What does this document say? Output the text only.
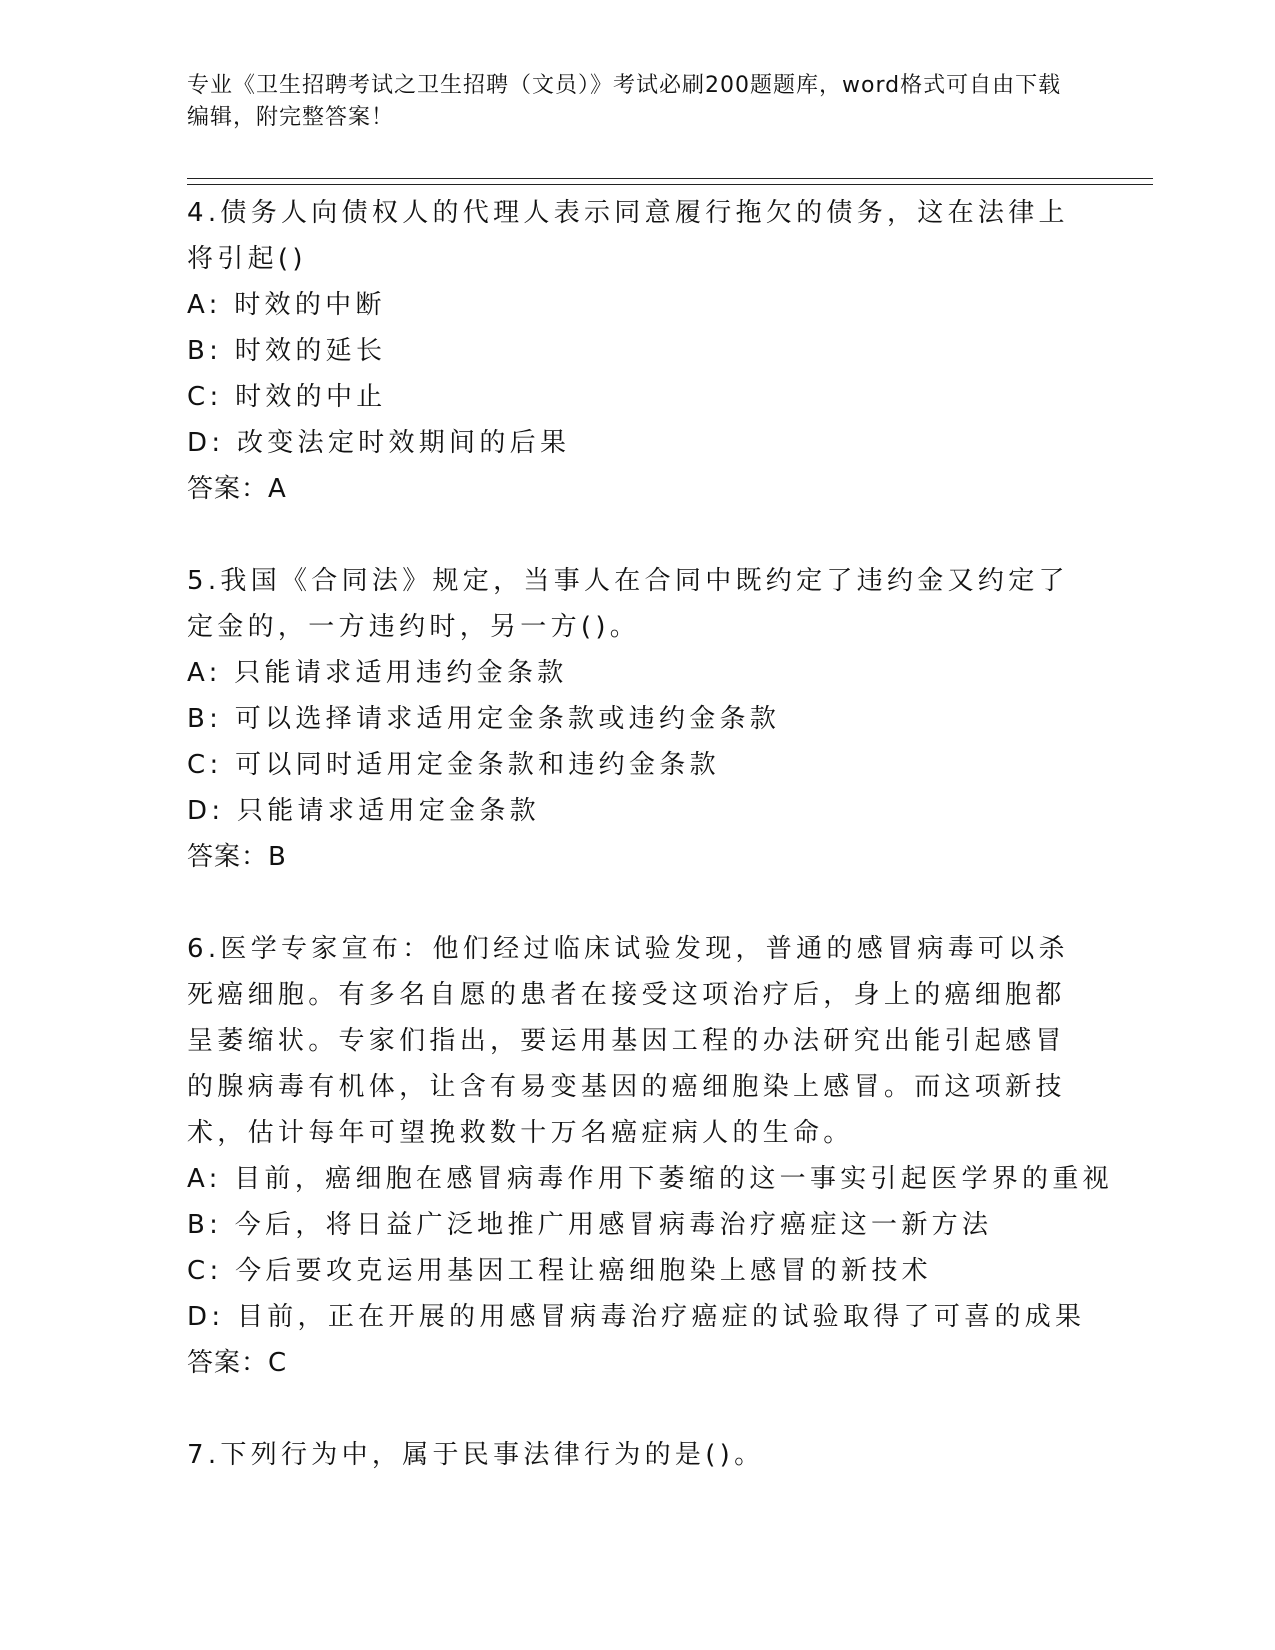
专业《卫生招聘考试之卫生招聘（文员）》考试必刷200题题库，word格式可自由下载编辑，附完整答案！

4.债务人向债权人的代理人表示同意履行拖欠的债务，这在法律上将引起()

A: 时效的中断

B: 时效的延长

C: 时效的中止

D: 改变法定时效期间的后果

答案：A

5.我国《合同法》规定，当事人在合同中既约定了违约金又约定了定金的，一方违约时，另一方()。

A: 只能请求适用违约金条款

B: 可以选择请求适用定金条款或违约金条款

C: 可以同时适用定金条款和违约金条款

D: 只能请求适用定金条款

答案：B

6.医学专家宣布：他们经过临床试验发现，普通的感冒病毒可以杀死癌细胞。有多名自愿的患者在接受这项治疗后，身上的癌细胞都呈萎缩状。专家们指出，要运用基因工程的办法研究出能引起感冒的腺病毒有机体，让含有易变基因的癌细胞染上感冒。而这项新技术，估计每年可望挽救数十万名癌症病人的生命。

A: 目前，癌细胞在感冒病毒作用下萎缩的这一事实引起医学界的重视

B: 今后，将日益广泛地推广用感冒病毒治疗癌症这一新方法

C: 今后要攻克运用基因工程让癌细胞染上感冒的新技术

D: 目前，正在开展的用感冒病毒治疗癌症的试验取得了可喜的成果

答案：C

7.下列行为中，属于民事法律行为的是()。
